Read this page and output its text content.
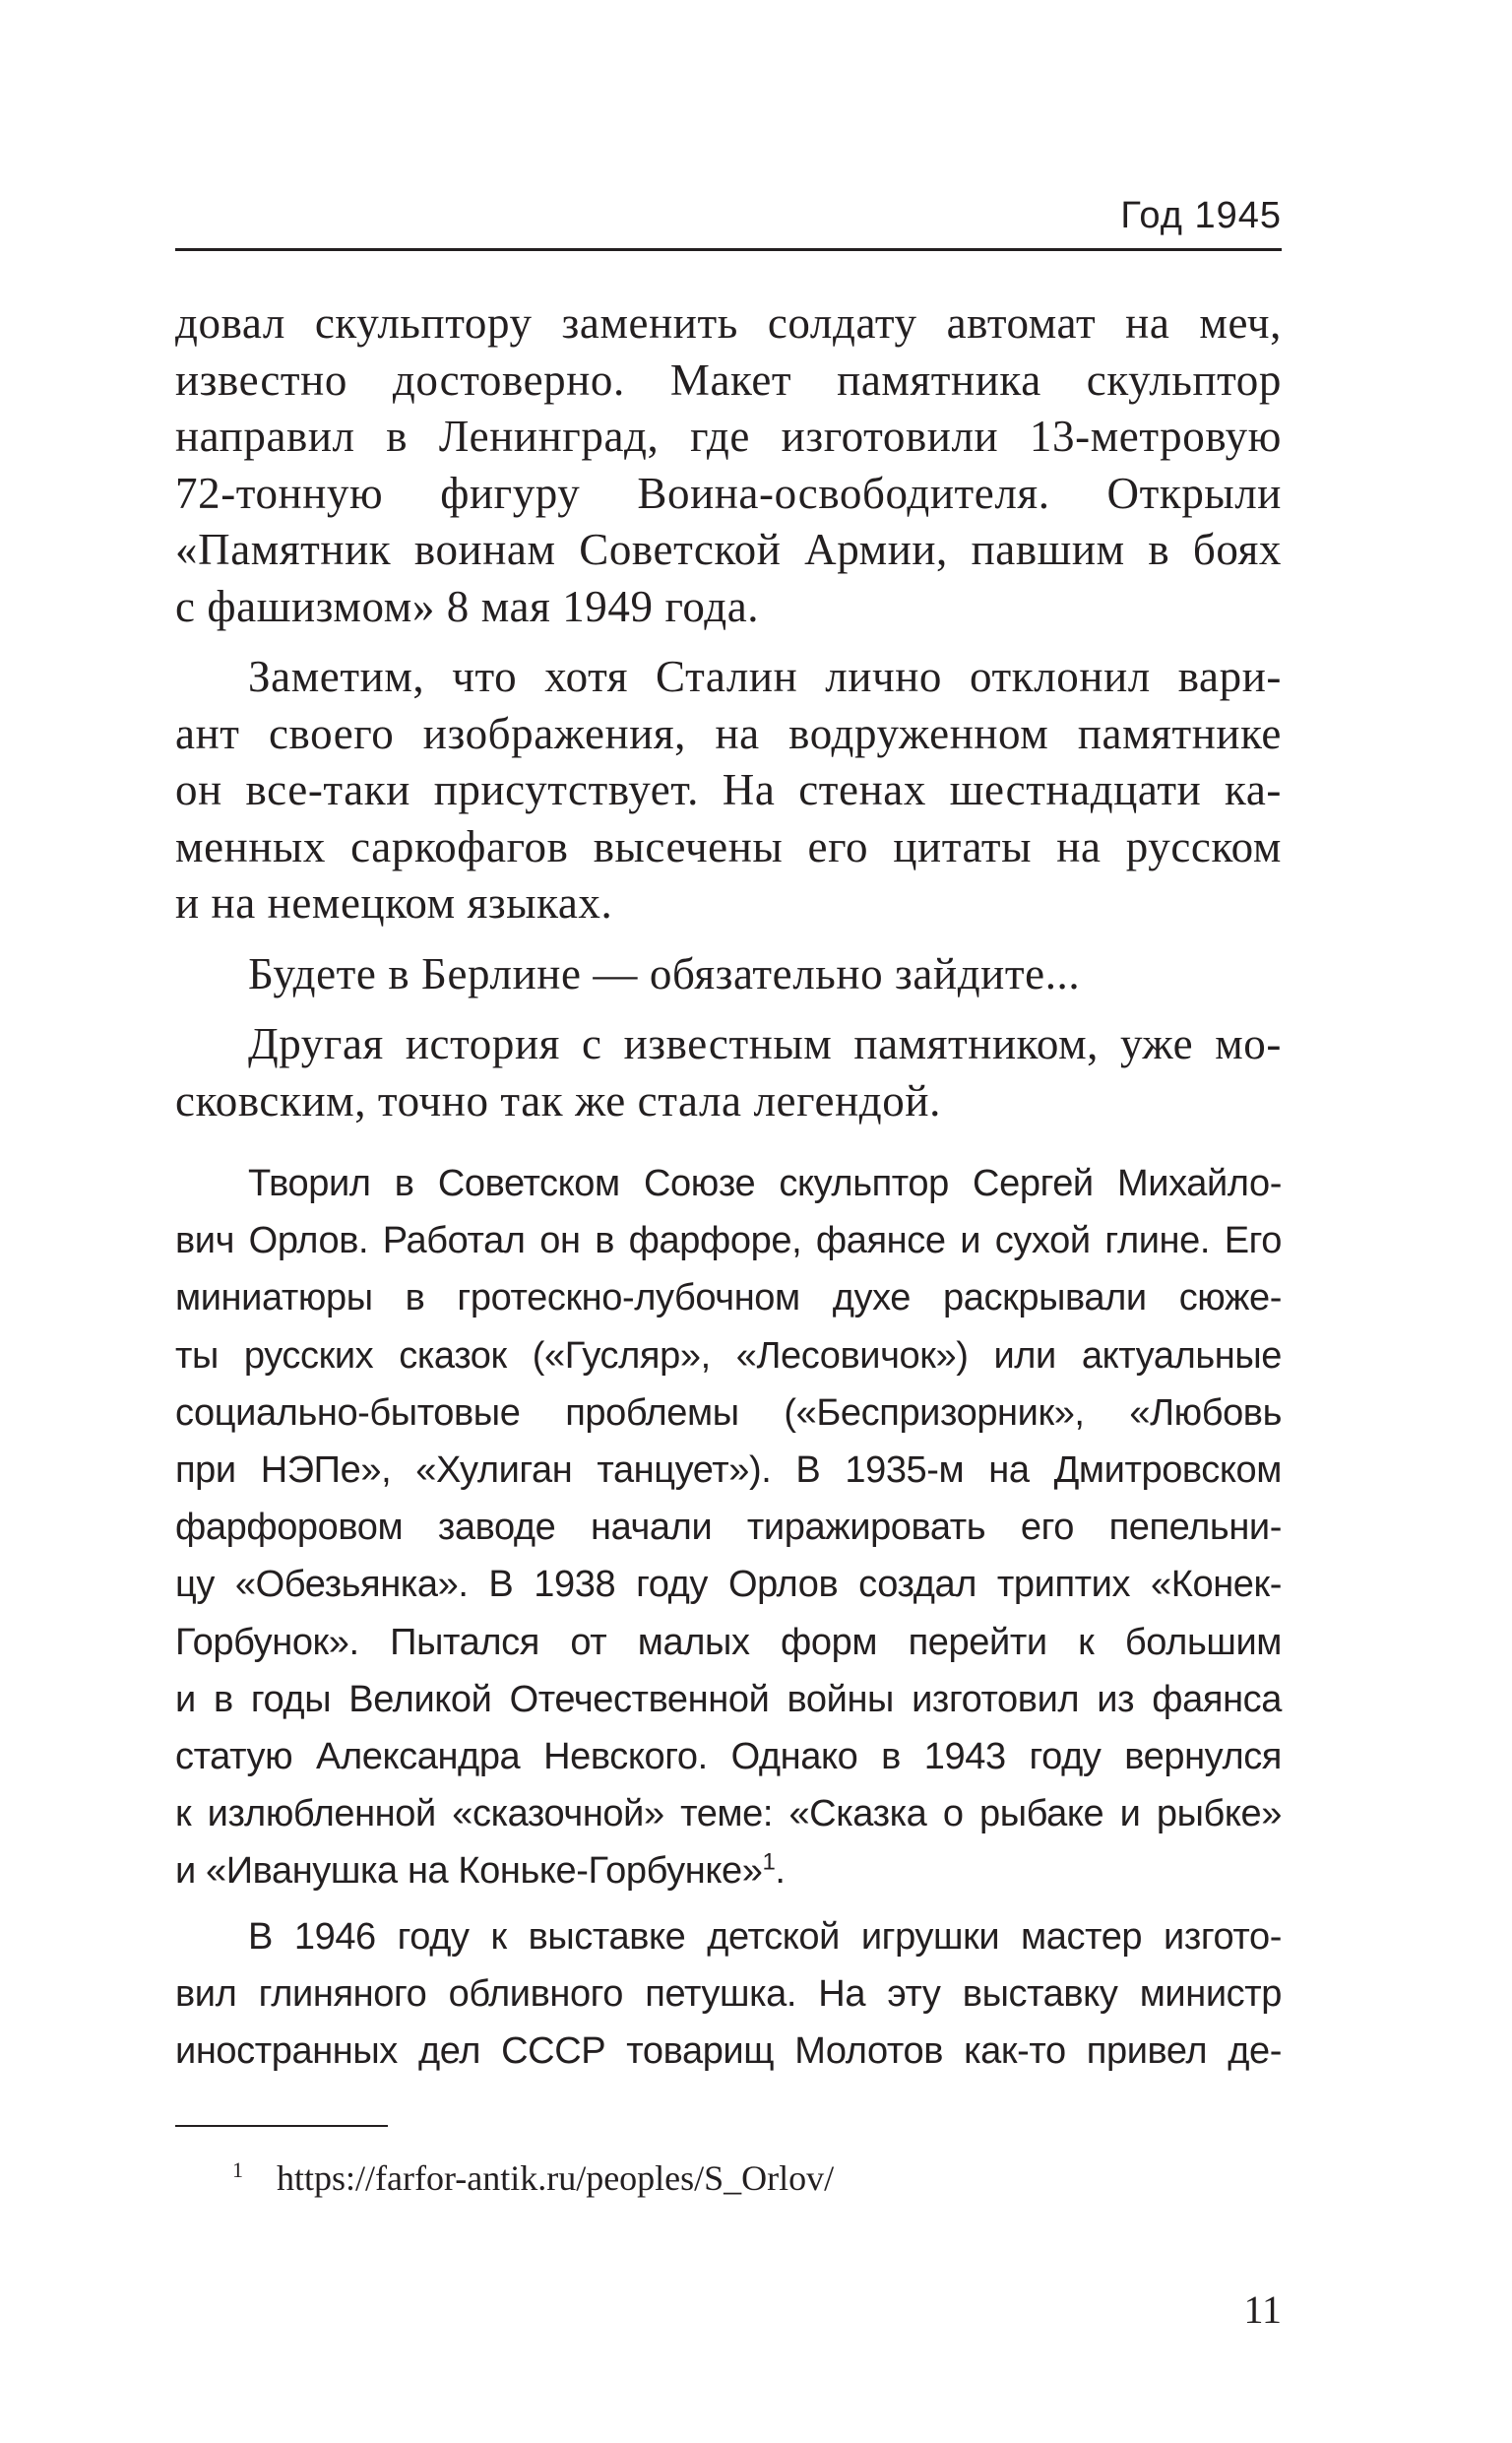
Год 1945

довал скульптору заменить солдату автомат на меч,
известно достоверно. Макет памятника скульптор
направил в Ленинград, где изготовили 13-метровую
72-тонную фигуру Воина-освободителя. Открыли
«Памятник воинам Советской Армии, павшим в боях
с фашизмом» 8 мая 1949 года.

Заметим, что хотя Сталин лично отклонил вари-
ант своего изображения, на водруженном памятнике
он все-таки присутствует. На стенах шестнадцати ка-
менных саркофагов высечены его цитаты на русском
и на немецком языках.

Будете в Берлине — обязательно зайдите...

Другая история с известным памятником, уже мо-
сковским, точно так же стала легендой.

Творил в Советском Союзе скульптор Сергей Михайло-
вич Орлов. Работал он в фарфоре, фаянсе и сухой глине. Его
миниатюры в гротескно-лубочном духе раскрывали сюже-
ты русских сказок («Гусляр», «Лесовичок») или актуальные
социально-бытовые проблемы («Беспризорник», «Любовь
при НЭПе», «Хулиган танцует»). В 1935-м на Дмитровском
фарфоровом заводе начали тиражировать его пепельни-
цу «Обезьянка». В 1938 году Орлов создал триптих «Конек-
Горбунок». Пытался от малых форм перейти к большим
и в годы Великой Отечественной войны изготовил из фаянса
статую Александра Невского. Однако в 1943 году вернулся
к излюбленной «сказочной» теме: «Сказка о рыбаке и рыбке»
и «Иванушка на Коньке-Горбунке»$^1$.

В 1946 году к выставке детской игрушки мастер изгото-
вил глиняного обливного петушка. На эту выставку министр
иностранных дел СССР товарищ Молотов как-то привел де-

$^1$ https://farfor-antik.ru/peoples/S_Orlov/
11
